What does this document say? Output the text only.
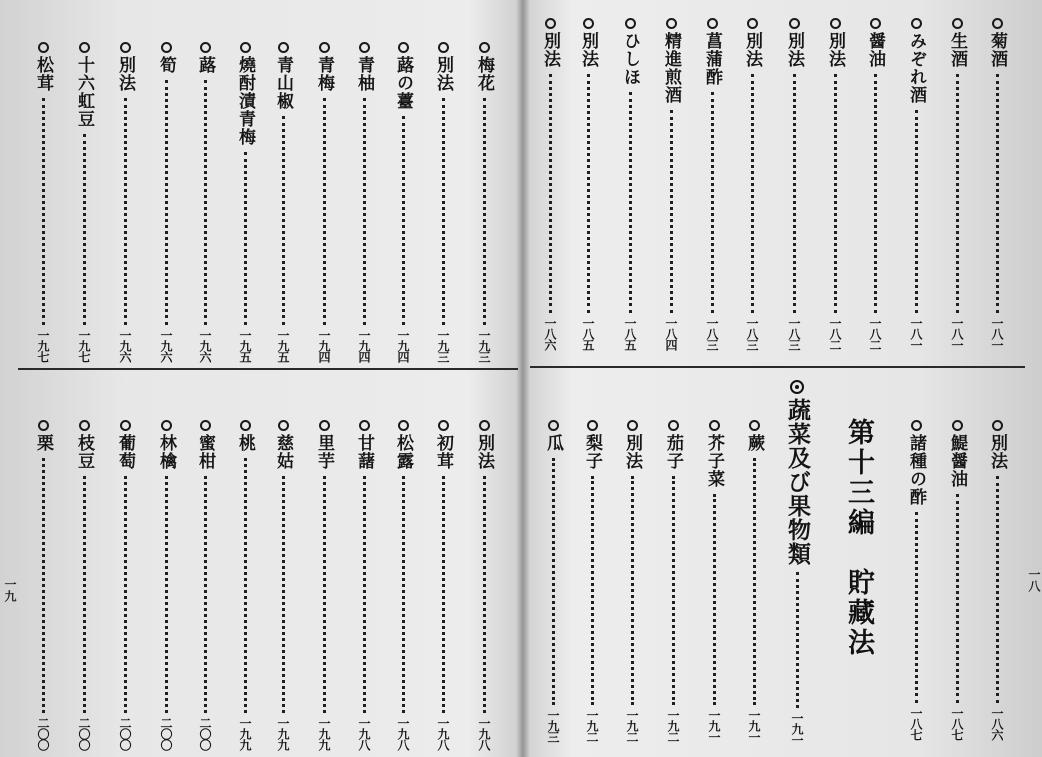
一九	一八
梅花
一九三
別法
一九三
蕗の薹
一九四
青柚
一九四
青梅
一九四
青山椒
一九五
燒酎漬青梅
一九五
蕗
一九六
筍
一九六
別法
一九六
十六虹豆
一九七
松茸
一九七
別法
一九八
初茸
一九八
松露
一九八
甘藷
一九八
里芋
一九九
慈姑
一九九
桃
一九九
蜜柑
二〇〇
林檎
二〇〇
葡萄
二〇〇
枝豆
二〇〇
栗
二〇〇
菊酒
一八一
生酒
一八一
みぞれ酒
一八一
醤油
一八二
別法
一八二
別法
一八三
別法
一八三
菖蒲酢
一八三
精進煎酒
一八四
ひしほ
一八五
別法
一八五
別法
一八六
別法
一八六
鯷醤油
一八七
諸種の酢
一八七
第十三編　貯藏法
蔬菜及び果物類
一九一
蕨
一九一
芥子菜
一九一
茄子
一九二
別法
一九二
梨子
一九二
瓜
一九三
